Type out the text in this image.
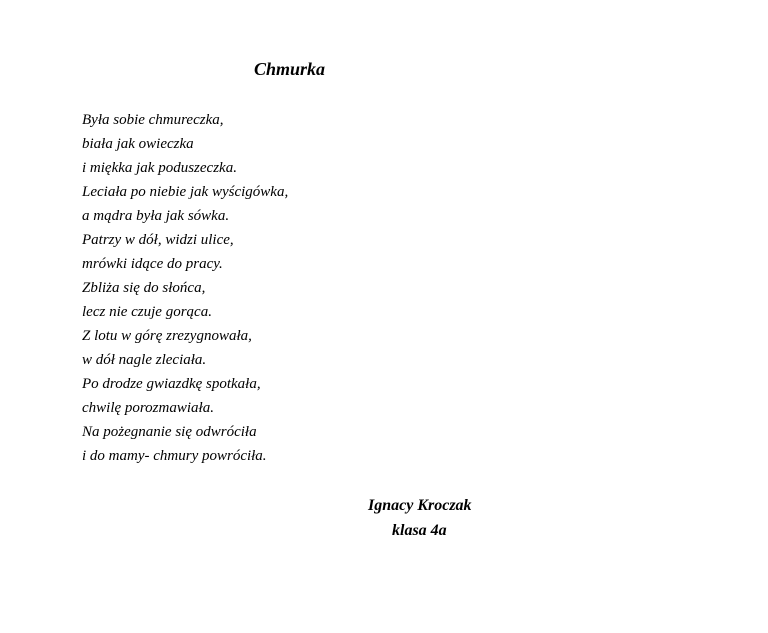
Chmurka
Była sobie chmureczka,
biała jak owieczka
i miękka jak poduszeczka.
Leciała po niebie jak wyścigówka,
a mądra była jak sówka.
Patrzy w dół, widzi ulice,
mrówki idące do pracy.
Zbliża się do słońca,
lecz nie czuje gorąca.
Z lotu w górę zrezygnowała,
w dół nagle zleciała.
Po drodze gwiazdkę spotkała,
chwilę porozmawiała.
Na pożegnanie się odwróciła
i do mamy- chmury powróciła.
Ignacy Kroczak
klasa 4a
